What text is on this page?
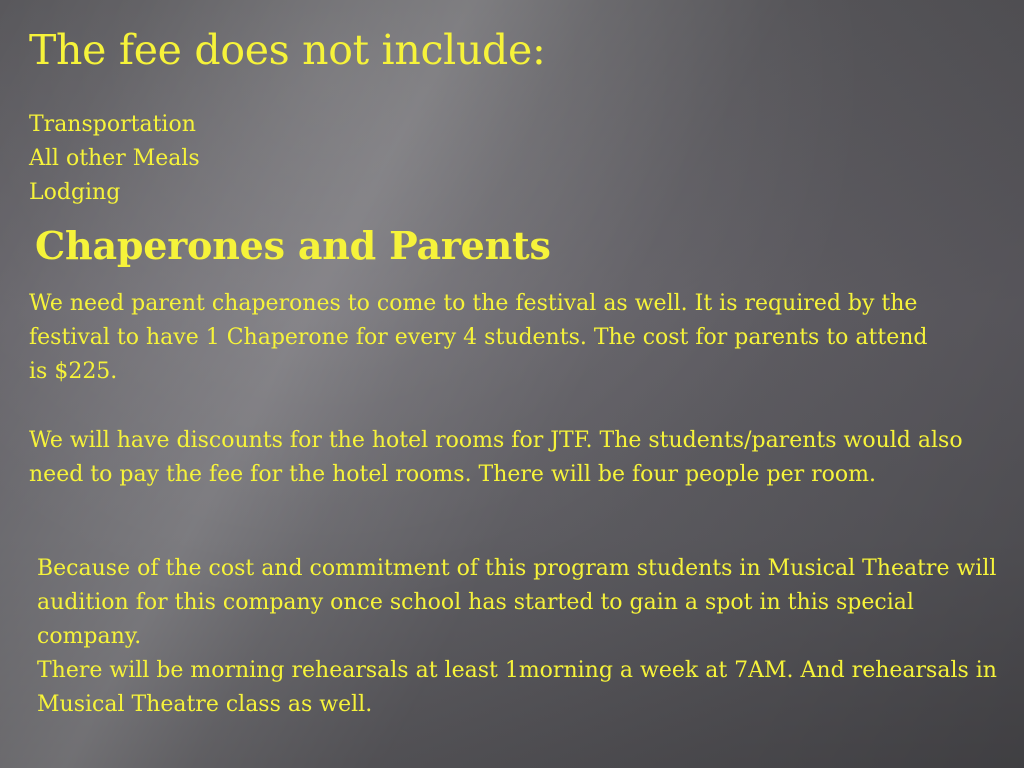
The fee does not include:
Transportation
All other Meals
Lodging
Chaperones and Parents

We need parent chaperones to come to the festival as well. It is required by the festival to have 1 Chaperone for every 4 students. The cost for parents to attend is $225.

We will have discounts for the hotel rooms for JTF. The students/parents would also need to pay the fee for the hotel rooms. There will be four people per room.

Because of the cost and commitment of this program students in Musical Theatre will audition for this company once school has started to gain a spot in this special company.
There will be morning rehearsals at least 1morning a week at 7AM. And rehearsals in Musical Theatre class as well.
